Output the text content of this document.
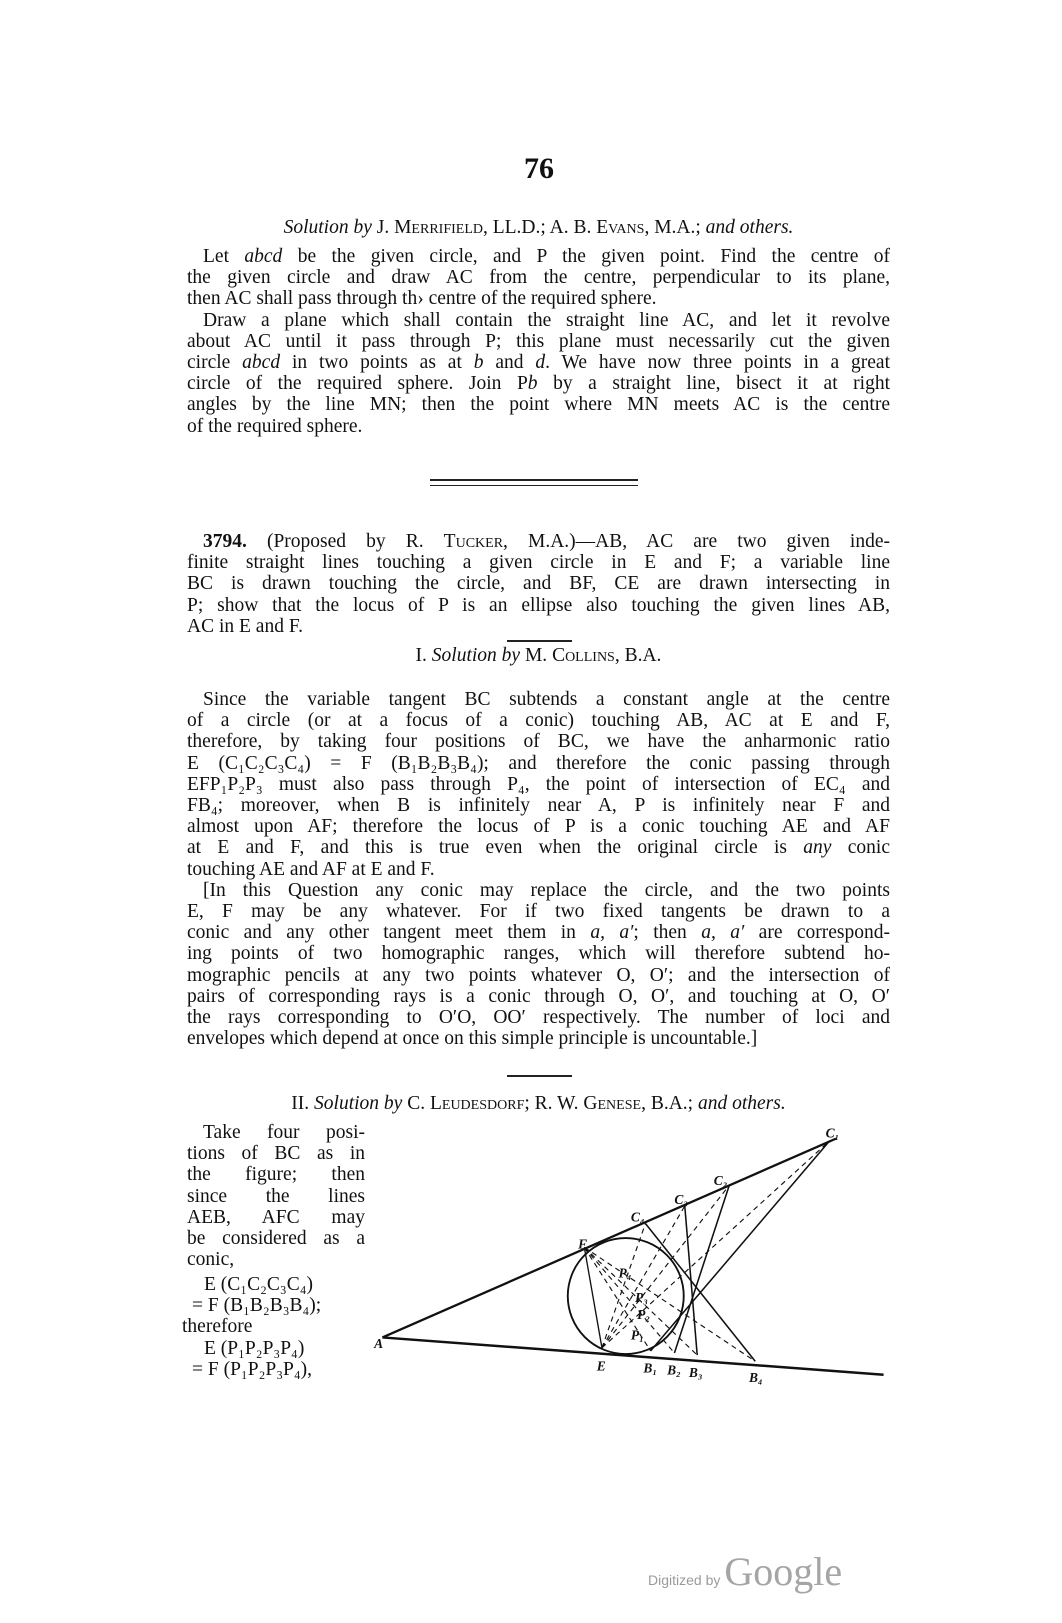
76
Solution by J. Merrifield, LL.D.; A. B. Evans, M.A.; and others.
Let abcd be the given circle, and P the given point. Find the centre of
the given circle and draw AC from the centre, perpendicular to its plane,
then AC shall pass through th› centre of the required sphere.
Draw a plane which shall contain the straight line AC, and let it revolve
about AC until it pass through P; this plane must necessarily cut the given
circle abcd in two points as at b and d. We have now three points in a great
circle of the required sphere. Join Pb by a straight line, bisect it at right
angles by the line MN; then the point where MN meets AC is the centre
of the required sphere.
3794. (Proposed by R. Tucker, M.A.)—AB, AC are two given inde-
finite straight lines touching a given circle in E and F; a variable line
BC is drawn touching the circle, and BF, CE are drawn intersecting in
P; show that the locus of P is an ellipse also touching the given lines AB,
AC in E and F.
I. Solution by M. Collins, B.A.
Since the variable tangent BC subtends a constant angle at the centre
of a circle (or at a focus of a conic) touching AB, AC at E and F,
therefore, by taking four positions of BC, we have the anharmonic ratio
E (C₁C₂C₃C₄) = F (B₁B₂B₃B₄); and therefore the conic passing through
EFP₁P₂P₃ must also pass through P₄, the point of intersection of EC₄ and
FB₄; moreover, when B is infinitely near A, P is infinitely near F and
almost upon AF; therefore the locus of P is a conic touching AE and AF
at E and F, and this is true even when the original circle is any conic
touching AE and AF at E and F.
[In this Question any conic may replace the circle, and the two points
E, F may be any whatever. For if two fixed tangents be drawn to a
conic and any other tangent meet them in a, a′; then a, a′ are correspond-
ing points of two homographic ranges, which will therefore subtend ho-
mographic pencils at any two points whatever O, O′; and the intersection of
pairs of corresponding rays is a conic through O, O′, and touching at O, O′
the rays corresponding to O′O, OO′ respectively. The number of loci and
envelopes which depend at once on this simple principle is uncountable.]
II. Solution by C. Leudesdorf; R. W. Genese, B.A.; and others.
Take four posi-
tions of BC as in
the figure; then
since the lines
AEB, AFC may
be considered as a
conic,
E (C₁C₂C₃C₄)
= F (B₁B₂B₃B₄);
therefore
E (P₁P₂P₃P₄)
= F (P₁P₂P₃P₄),
A
E
F
B₁ B₂ B₃	B₄
C₁
C₂
C₃
C₄
P₄
P₃
P₂
P₁
Digitized by Google
